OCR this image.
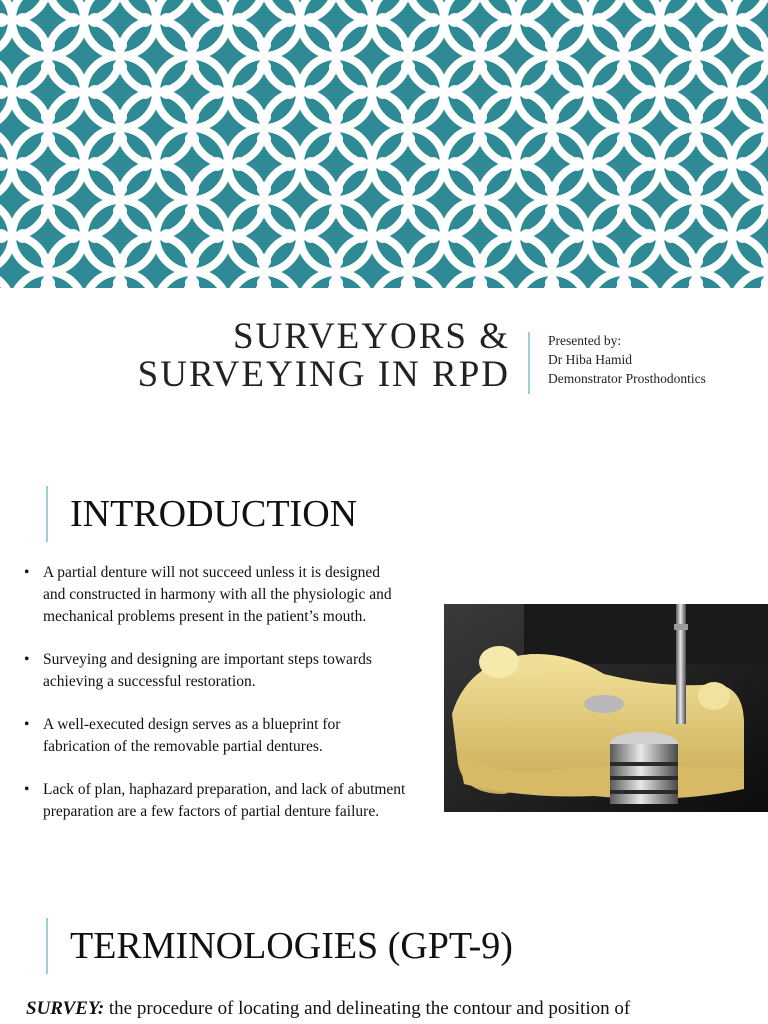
SURVEYORS &
SURVEYING IN RPD
Presented by:
Dr Hiba Hamid
Demonstrator Prosthodontics
INTRODUCTION
• A partial denture will not succeed unless it is designed
and constructed in harmony with all the physiologic and
mechanical problems present in the patient’s mouth.
• Surveying and designing are important steps towards
achieving a successful restoration.
• A well-executed design serves as a blueprint for
fabrication of the removable partial dentures.
• Lack of plan, haphazard preparation, and lack of abutment
preparation are a few factors of partial denture failure.
TERMINOLOGIES (GPT-9)
SURVEY: the procedure of locating and delineating the contour and position of
